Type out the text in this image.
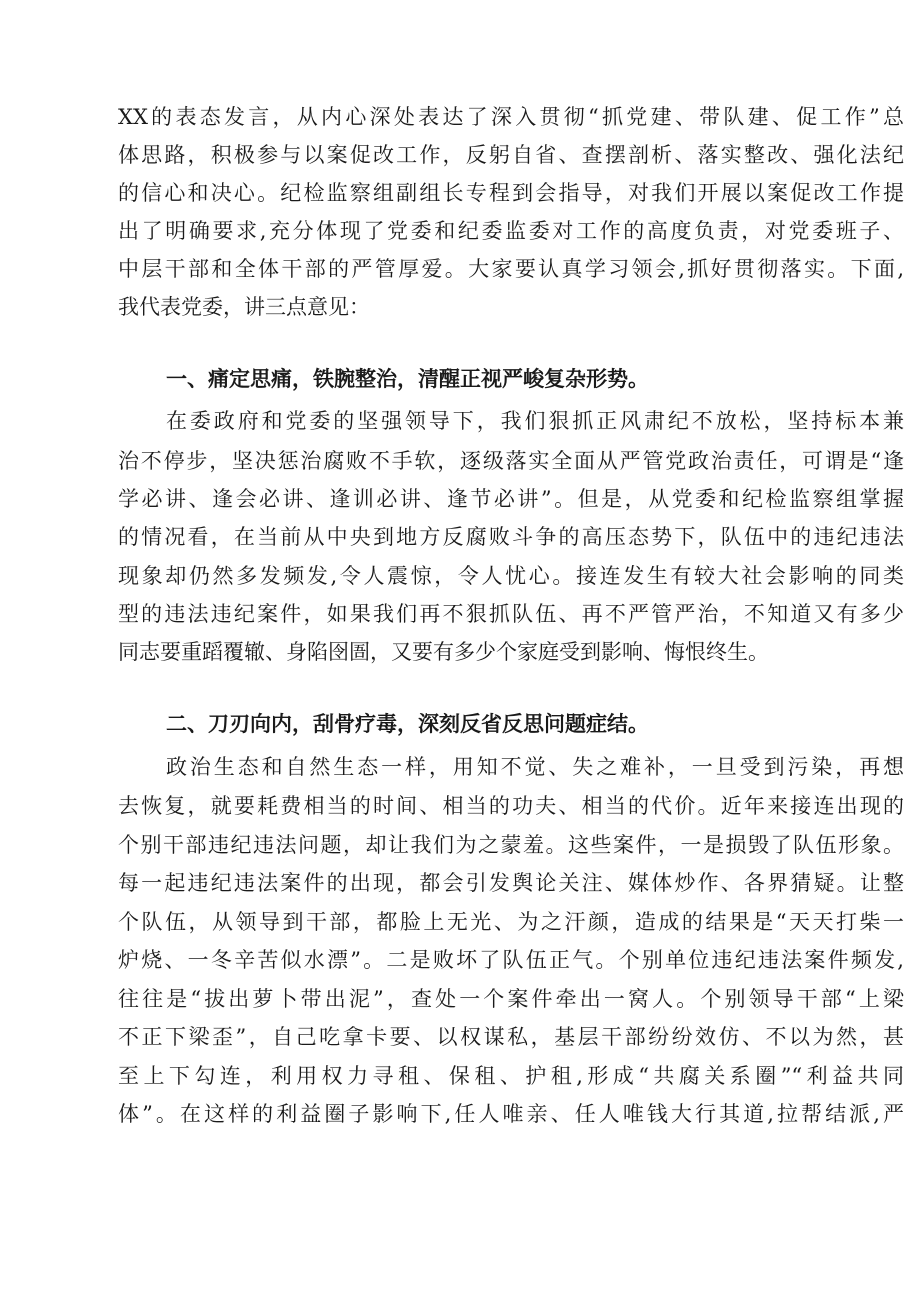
XX的表态发言，从内心深处表达了深入贯彻“抓党建、带队建、促工作”总
体思路，积极参与以案促改工作，反躬自省、查摆剖析、落实整改、强化法纪
的信心和决心。纪检监察组副组长专程到会指导，对我们开展以案促改工作提
出了明确要求,充分体现了党委和纪委监委对工作的高度负责，对党委班子、
中层干部和全体干部的严管厚爱。大家要认真学习领会,抓好贯彻落实。下面,
我代表党委，讲三点意见：
一、痛定思痛，铁腕整治，清醒正视严峻复杂形势。
在委政府和党委的坚强领导下，我们狠抓正风肃纪不放松，坚持标本兼
治不停步，坚决惩治腐败不手软，逐级落实全面从严管党政治责任，可谓是“逢
学必讲、逢会必讲、逢训必讲、逢节必讲”。但是，从党委和纪检监察组掌握
的情况看，在当前从中央到地方反腐败斗争的高压态势下，队伍中的违纪违法
现象却仍然多发频发,令人震惊，令人忧心。接连发生有较大社会影响的同类
型的违法违纪案件，如果我们再不狠抓队伍、再不严管严治，不知道又有多少
同志要重蹈覆辙、身陷囹圄，又要有多少个家庭受到影响、悔恨终生。
二、刀刃向内，刮骨疗毒，深刻反省反思问题症结。
政治生态和自然生态一样，用知不觉、失之难补，一旦受到污染，再想
去恢复，就要耗费相当的时间、相当的功夫、相当的代价。近年来接连出现的
个别干部违纪违法问题，却让我们为之蒙羞。这些案件，一是损毁了队伍形象。
每一起违纪违法案件的出现，都会引发舆论关注、媒体炒作、各界猜疑。让整
个队伍，从领导到干部，都脸上无光、为之汗颜，造成的结果是“天天打柴一
炉烧、一冬辛苦似水漂”。二是败坏了队伍正气。个别单位违纪违法案件频发,
往往是“拔出萝卜带出泥”，查处一个案件牵出一窝人。个别领导干部“上梁
不正下梁歪”，自己吃拿卡要、以权谋私，基层干部纷纷效仿、不以为然，甚
至上下勾连，利用权力寻租、保租、护租,形成“共腐关系圈”“利益共同
体”。在这样的利益圈子影响下,任人唯亲、任人唯钱大行其道,拉帮结派,严
